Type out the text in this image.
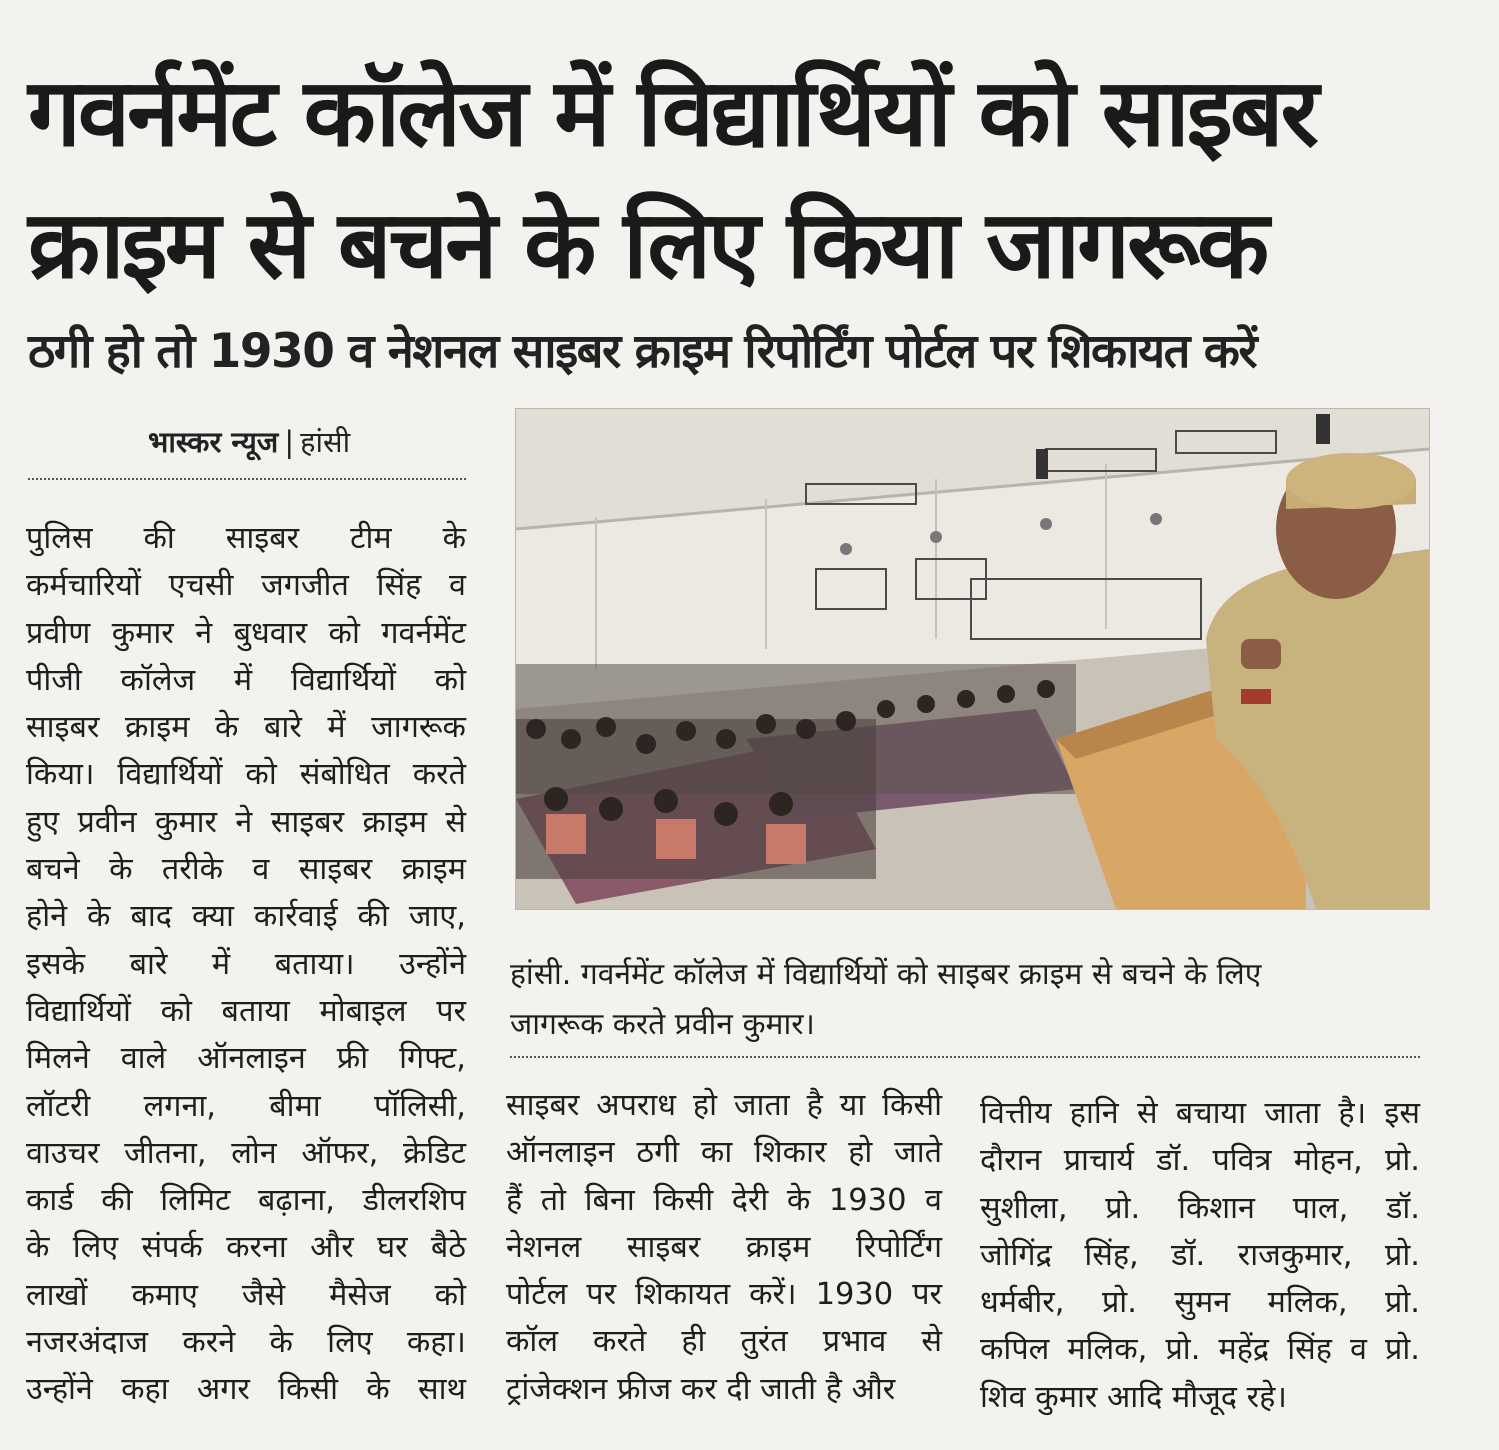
गवर्नमेंट कॉलेज में विद्यार्थियों को साइबर
क्राइम से बचने के लिए किया जागरूक
ठगी हो तो 1930 व नेशनल साइबर क्राइम रिपोर्टिंग पोर्टल पर शिकायत करें
भास्कर न्यूज | हांसी
पुलिस की साइबर टीम के
कर्मचारियों एचसी जगजीत सिंह व
प्रवीण कुमार ने बुधवार को गवर्नमेंट
पीजी कॉलेज में विद्यार्थियों को
साइबर क्राइम के बारे में जागरूक
किया। विद्यार्थियों को संबोधित करते
हुए प्रवीन कुमार ने साइबर क्राइम से
बचने के तरीके व साइबर क्राइम
होने के बाद क्या कार्रवाई की जाए,
इसके बारे में बताया। उन्होंने
विद्यार्थियों को बताया मोबाइल पर
मिलने वाले ऑनलाइन फ्री गिफ्ट,
लॉटरी लगना, बीमा पॉलिसी,
वाउचर जीतना, लोन ऑफर, क्रेडिट
कार्ड की लिमिट बढ़ाना, डीलरशिप
के लिए संपर्क करना और घर बैठे
लाखों कमाए जैसे मैसेज को
नजरअंदाज करने के लिए कहा।
उन्होंने कहा अगर किसी के साथ
हांसी. गवर्नमेंट कॉलेज में विद्यार्थियों को साइबर क्राइम से बचने के लिए
जागरूक करते प्रवीन कुमार।
साइबर अपराध हो जाता है या किसी
ऑनलाइन ठगी का शिकार हो जाते
हैं तो बिना किसी देरी के 1930 व
नेशनल साइबर क्राइम रिपोर्टिंग
पोर्टल पर शिकायत करें। 1930 पर
कॉल करते ही तुरंत प्रभाव से
ट्रांजेक्शन फ्रीज कर दी जाती है और
वित्तीय हानि से बचाया जाता है। इस
दौरान प्राचार्य डॉ. पवित्र मोहन, प्रो.
सुशीला, प्रो. किशान पाल, डॉ.
जोगिंद्र सिंह, डॉ. राजकुमार, प्रो.
धर्मबीर, प्रो. सुमन मलिक, प्रो.
कपिल मलिक, प्रो. महेंद्र सिंह व प्रो.
शिव कुमार आदि मौजूद रहे।
